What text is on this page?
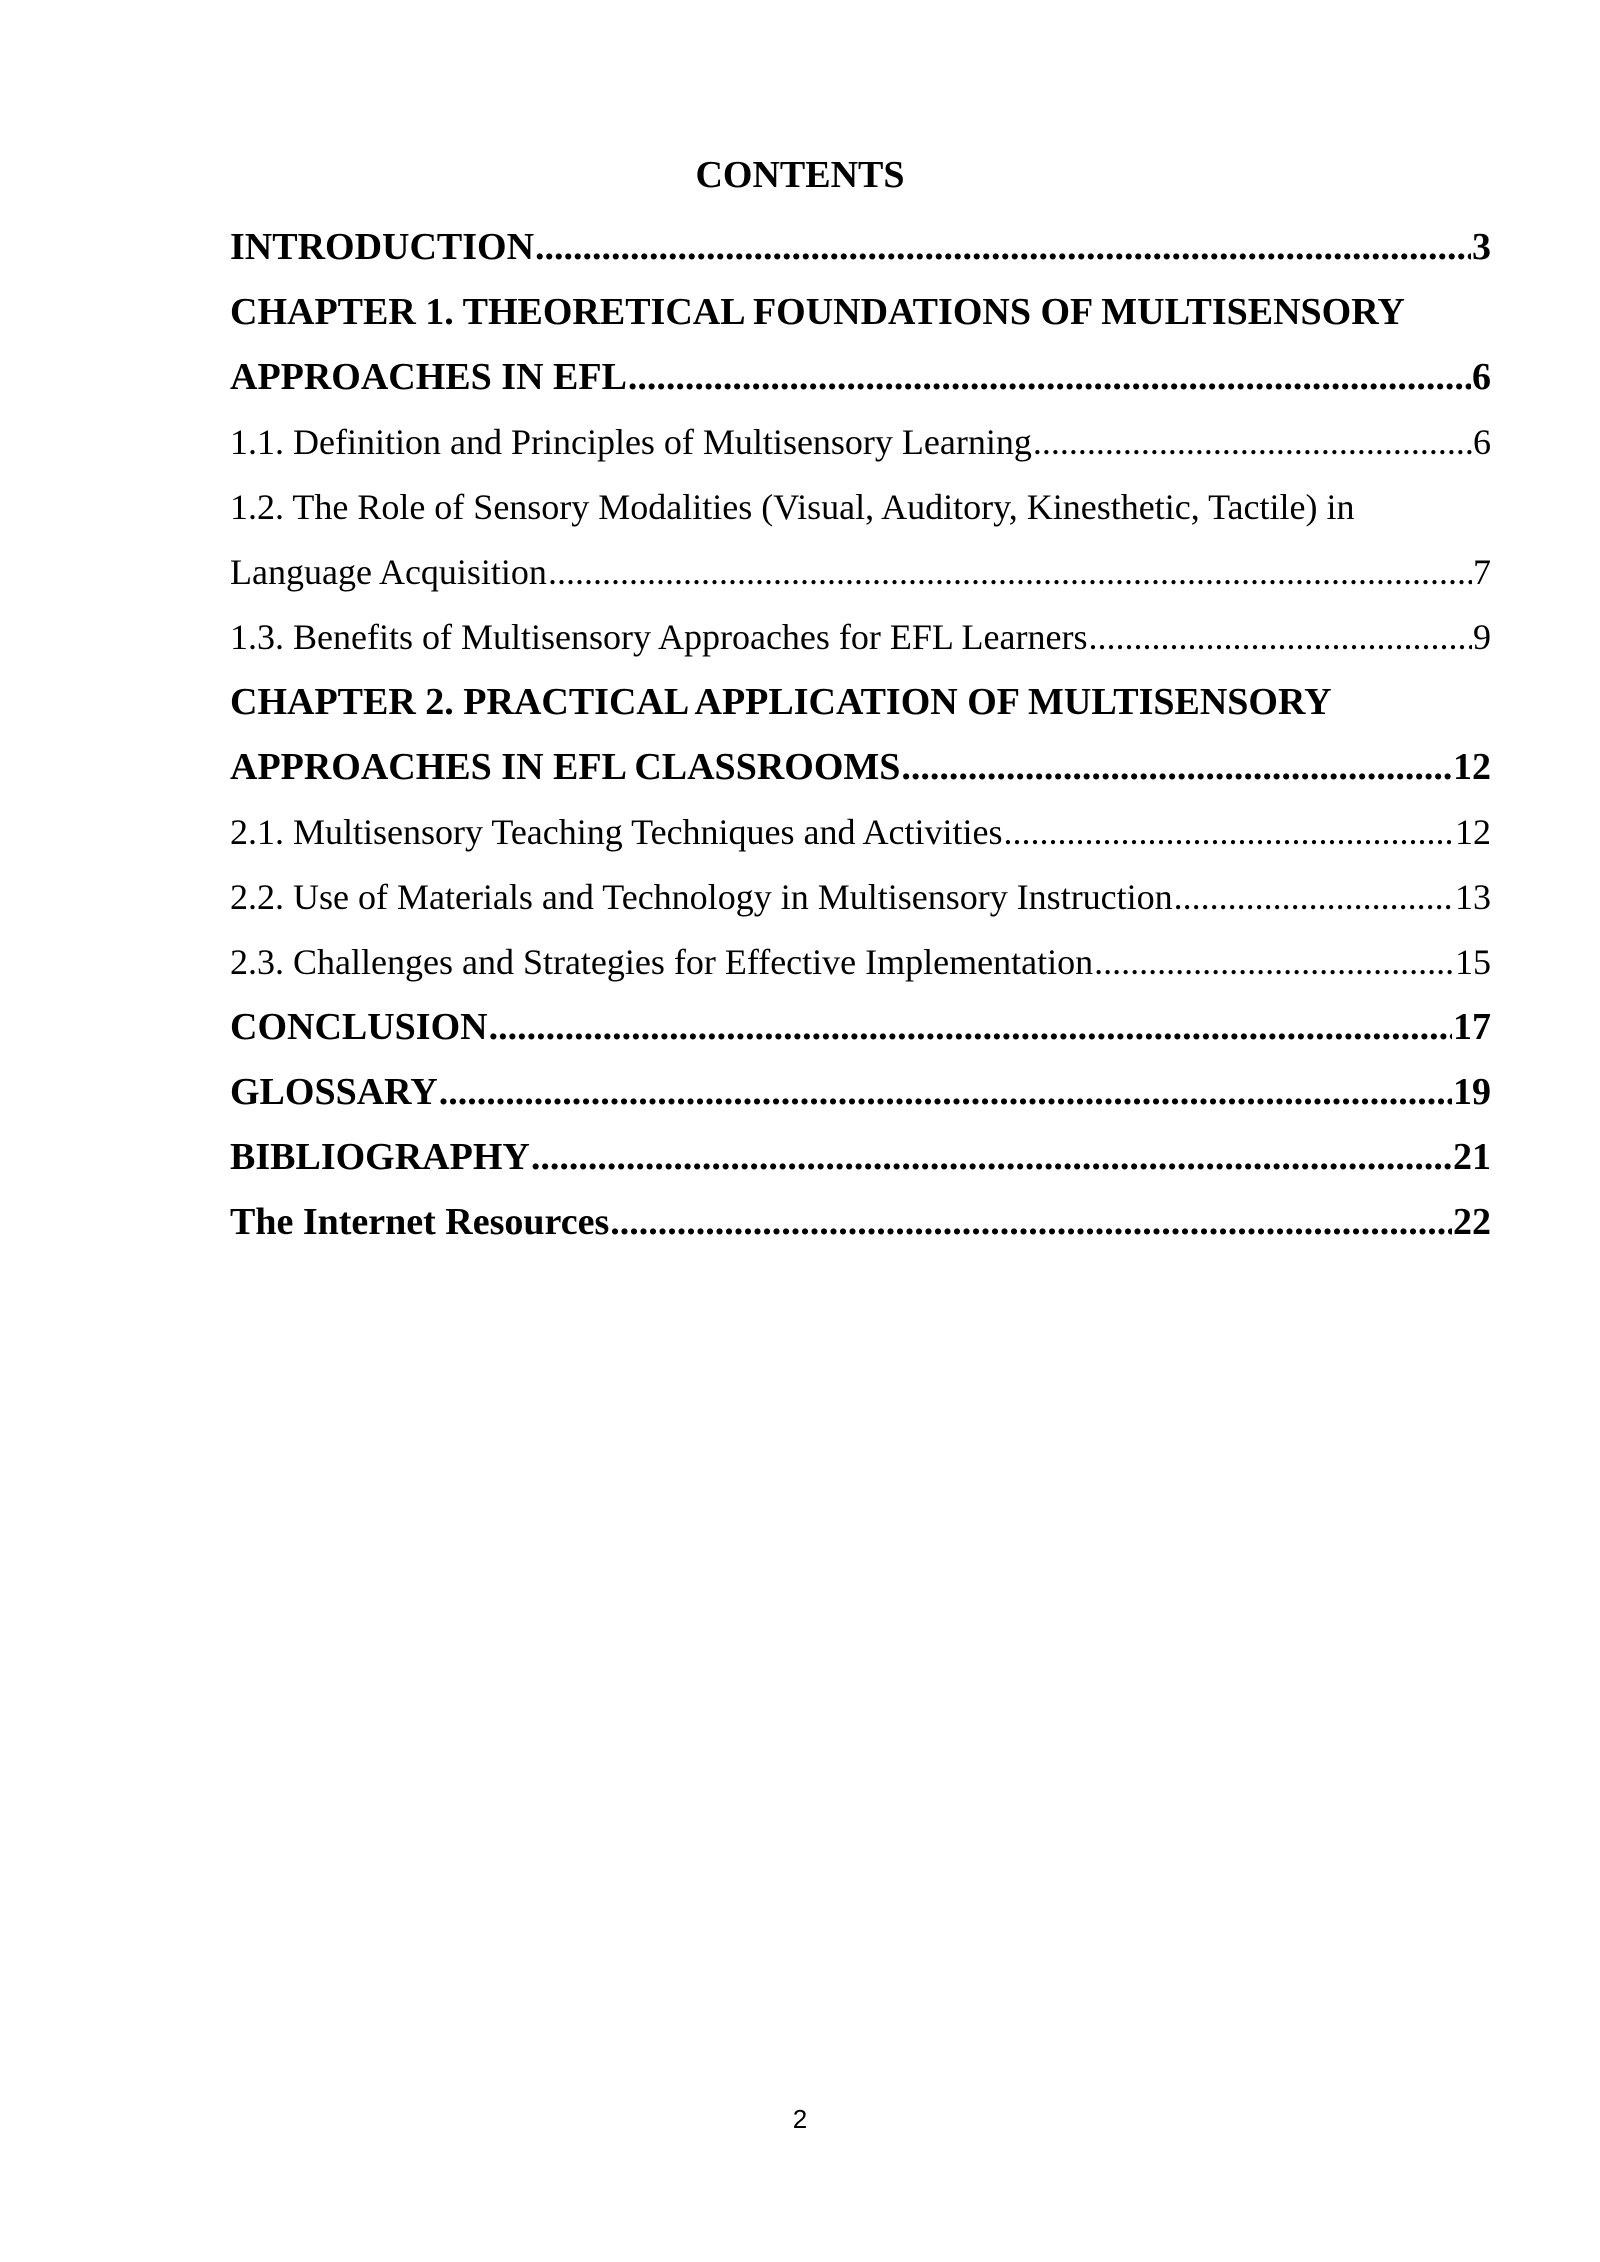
CONTENTS
INTRODUCTION .....	3
CHAPTER 1. THEORETICAL FOUNDATIONS OF MULTISENSORY
APPROACHES IN EFL .....	6
1.1. Definition and Principles of Multisensory Learning .....	6
1.2. The Role of Sensory Modalities (Visual, Auditory, Kinesthetic, Tactile) in
Language Acquisition .....	7
1.3. Benefits of Multisensory Approaches for EFL Learners .....	9
CHAPTER 2. PRACTICAL APPLICATION OF MULTISENSORY
APPROACHES IN EFL CLASSROOMS .....	12
2.1. Multisensory Teaching Techniques and Activities .....	12
2.2. Use of Materials and Technology in Multisensory Instruction .....	13
2.3. Challenges and Strategies for Effective Implementation .....	15
CONCLUSION .....	17
GLOSSARY .....	19
BIBLIOGRAPHY .....	21
The Internet Resources .....	22
2
